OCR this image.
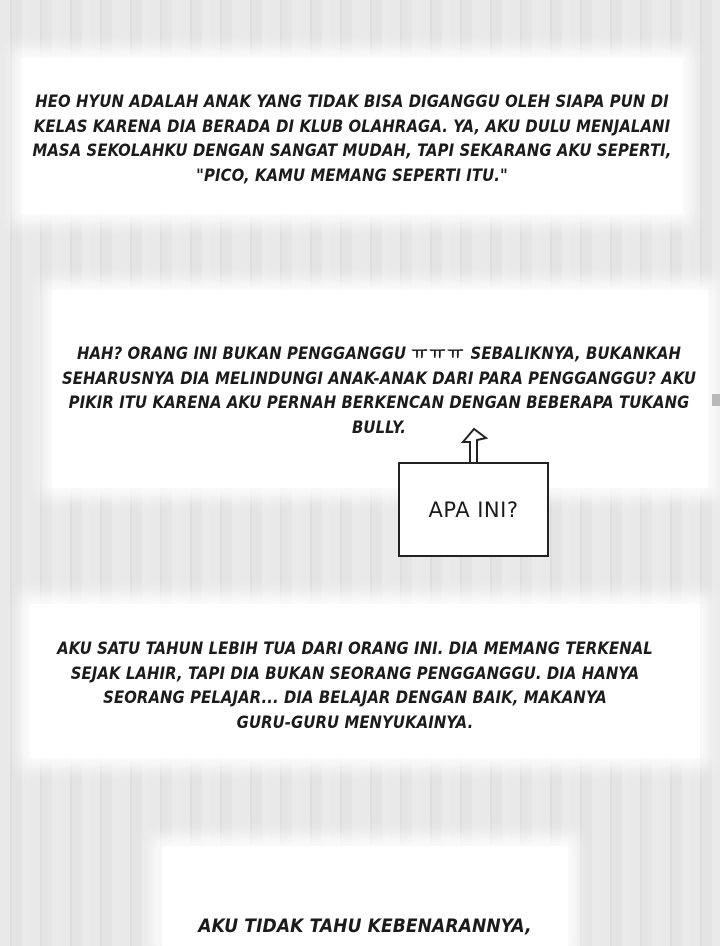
HEO HYUN ADALAH ANAK YANG TIDAK BISA DIGANGGU OLEH SIAPA PUN DI
KELAS KARENA DIA BERADA DI KLUB OLAHRAGA. YA, AKU DULU MENJALANI
MASA SEKOLAHKU DENGAN SANGAT MUDAH, TAPI SEKARANG AKU SEPERTI,
"PICO, KAMU MEMANG SEPERTI ITU."
HAH? ORANG INI BUKAN PENGGANGGU ㅠㅠㅠ SEBALIKNYA, BUKANKAH
SEHARUSNYA DIA MELINDUNGI ANAK-ANAK DARI PARA PENGGANGGU? AKU
PIKIR ITU KARENA AKU PERNAH BERKENCAN DENGAN BEBERAPA TUKANG
BULLY.
AKU SATU TAHUN LEBIH TUA DARI ORANG INI. DIA MEMANG TERKENAL
SEJAK LAHIR, TAPI DIA BUKAN SEORANG PENGGANGGU. DIA HANYA
SEORANG PELAJAR... DIA BELAJAR DENGAN BAIK, MAKANYA
GURU-GURU MENYUKAINYA.
AKU TIDAK TAHU KEBENARANNYA,
APA INI?
